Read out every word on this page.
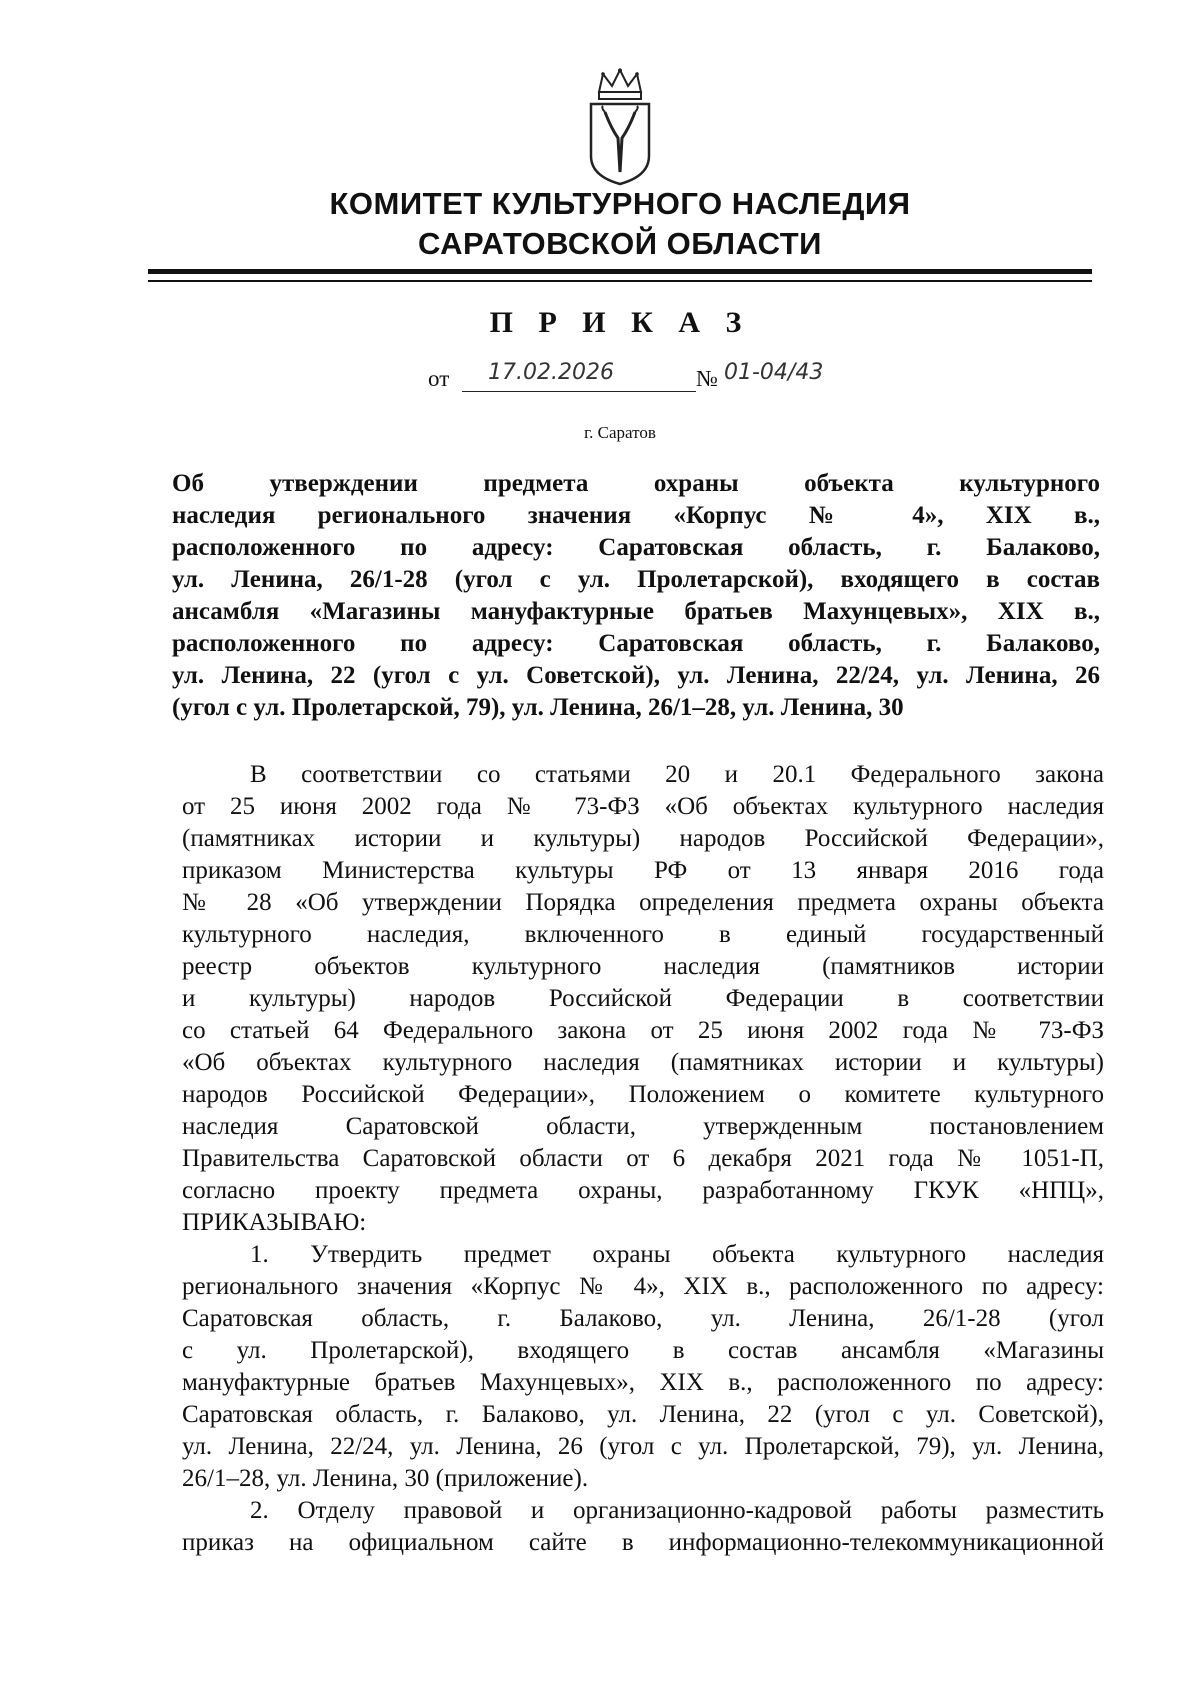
КОМИТЕТ КУЛЬТУРНОГО НАСЛЕДИЯ
САРАТОВСКОЙ ОБЛАСТИ
П Р И К А З
от 17.02.2026	№ 01-04/43
г. Саратов
Об утверждении предмета охраны объекта культурного
наследия регионального значения «Корпус № 4», XIX в.,
расположенного по адресу: Саратовская область, г. Балаково,
ул. Ленина, 26/1-28 (угол с ул. Пролетарской), входящего в состав
ансамбля «Магазины мануфактурные братьев Махунцевых», XIX в.,
расположенного по адресу: Саратовская область, г. Балаково,
ул. Ленина, 22 (угол с ул. Советской), ул. Ленина, 22/24, ул. Ленина, 26
(угол с ул. Пролетарской, 79), ул. Ленина, 26/1–28, ул. Ленина, 30
В соответствии со статьями 20 и 20.1 Федерального закона
от 25 июня 2002 года № 73-ФЗ «Об объектах культурного наследия
(памятниках истории и культуры) народов Российской Федерации»,
приказом Министерства культуры РФ от 13 января 2016 года
№ 28 «Об утверждении Порядка определения предмета охраны объекта
культурного наследия, включенного в единый государственный
реестр объектов культурного наследия (памятников истории
и культуры) народов Российской Федерации в соответствии
со статьей 64 Федерального закона от 25 июня 2002 года № 73-ФЗ
«Об объектах культурного наследия (памятниках истории и культуры)
народов Российской Федерации», Положением о комитете культурного
наследия Саратовской области, утвержденным постановлением
Правительства Саратовской области от 6 декабря 2021 года № 1051-П,
согласно проекту предмета охраны, разработанному ГКУК «НПЦ»,
ПРИКАЗЫВАЮ:
1. Утвердить предмет охраны объекта культурного наследия
регионального значения «Корпус № 4», XIX в., расположенного по адресу:
Саратовская область, г. Балаково, ул. Ленина, 26/1-28 (угол
с ул. Пролетарской), входящего в состав ансамбля «Магазины
мануфактурные братьев Махунцевых», XIX в., расположенного по адресу:
Саратовская область, г. Балаково, ул. Ленина, 22 (угол с ул. Советской),
ул. Ленина, 22/24, ул. Ленина, 26 (угол с ул. Пролетарской, 79), ул. Ленина,
26/1–28, ул. Ленина, 30 (приложение).
2. Отделу правовой и организационно-кадровой работы разместить
приказ на официальном сайте в информационно-телекоммуникационной
